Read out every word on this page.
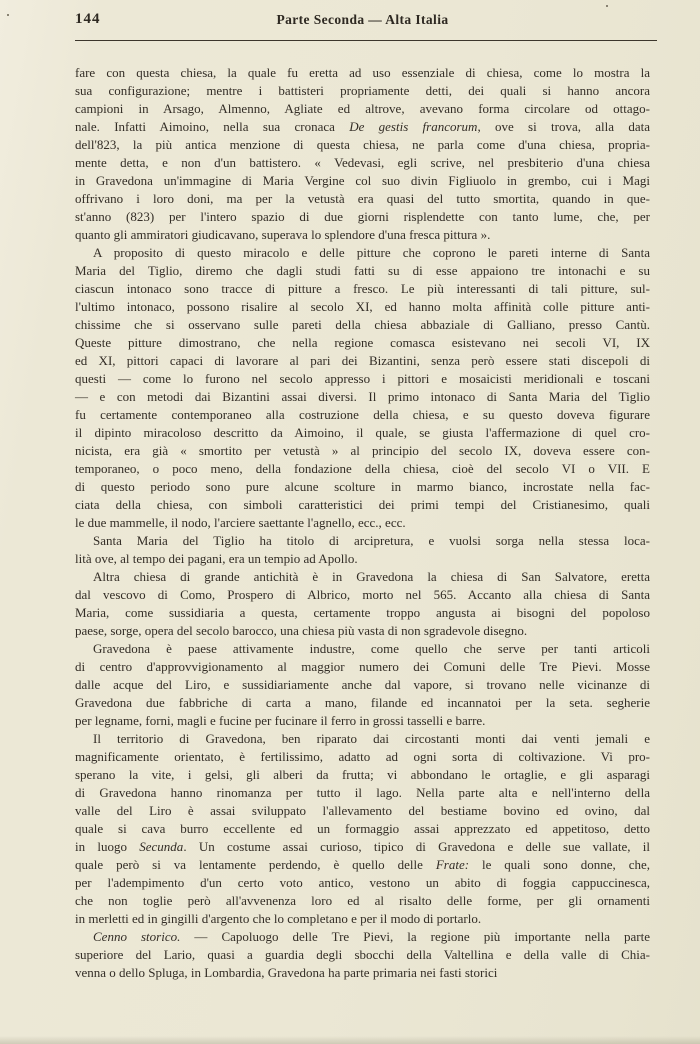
144	Parte Seconda — Alta Italia
fare con questa chiesa, la quale fu eretta ad uso essenziale di chiesa, come lo mostra la
sua configurazione; mentre i battisteri propriamente detti, dei quali si hanno ancora
campioni in Arsago, Almenno, Agliate ed altrove, avevano forma circolare od ottago-
nale. Infatti Aimoino, nella sua cronaca De gestis francorum, ove si trova, alla data
dell'823, la più antica menzione di questa chiesa, ne parla come d'una chiesa, propria-
mente detta, e non d'un battistero. « Vedevasi, egli scrive, nel presbiterio d'una chiesa
in Gravedona un'immagine di Maria Vergine col suo divin Figliuolo in grembo, cui i Magi
offrivano i loro doni, ma per la vetustà era quasi del tutto smortita, quando in que-
st'anno (823) per l'intero spazio di due giorni risplendette con tanto lume, che, per
quanto gli ammiratori giudicavano, superava lo splendore d'una fresca pittura ».
A proposito di questo miracolo e delle pitture che coprono le pareti interne di Santa
Maria del Tiglio, diremo che dagli studi fatti su di esse appaiono tre intonachi e su
ciascun intonaco sono tracce di pitture a fresco. Le più interessanti di tali pitture, sul-
l'ultimo intonaco, possono risalire al secolo XI, ed hanno molta affinità colle pitture anti-
chissime che si osservano sulle pareti della chiesa abbaziale di Galliano, presso Cantù.
Queste pitture dimostrano, che nella regione comasca esistevano nei secoli VI, IX
ed XI, pittori capaci di lavorare al pari dei Bizantini, senza però essere stati discepoli di
questi — come lo furono nel secolo appresso i pittori e mosaicisti meridionali e toscani
— e con metodi dai Bizantini assai diversi. Il primo intonaco di Santa Maria del Tiglio
fu certamente contemporaneo alla costruzione della chiesa, e su questo doveva figurare
il dipinto miracoloso descritto da Aimoino, il quale, se giusta l'affermazione di quel cro-
nicista, era già « smortito per vetustà » al principio del secolo IX, doveva essere con-
temporaneo, o poco meno, della fondazione della chiesa, cioè del secolo VI o VII. E
di questo periodo sono pure alcune scolture in marmo bianco, incrostate nella fac-
ciata della chiesa, con simboli caratteristici dei primi tempi del Cristianesimo, quali
le due mammelle, il nodo, l'arciere saettante l'agnello, ecc., ecc.
Santa Maria del Tiglio ha titolo di arcipretura, e vuolsi sorga nella stessa loca-
lità ove, al tempo dei pagani, era un tempio ad Apollo.
Altra chiesa di grande antichità è in Gravedona la chiesa di San Salvatore, eretta
dal vescovo di Como, Prospero di Albrico, morto nel 565. Accanto alla chiesa di Santa
Maria, come sussidiaria a questa, certamente troppo angusta ai bisogni del popoloso
paese, sorge, opera del secolo barocco, una chiesa più vasta di non sgradevole disegno.
Gravedona è paese attivamente industre, come quello che serve per tanti articoli
di centro d'approvvigionamento al maggior numero dei Comuni delle Tre Pievi. Mosse
dalle acque del Liro, e sussidiariamente anche dal vapore, si trovano nelle vicinanze di
Gravedona due fabbriche di carta a mano, filande ed incannatoi per la seta. segherie
per legname, forni, magli e fucine per fucinare il ferro in grossi tasselli e barre.
Il territorio di Gravedona, ben riparato dai circostanti monti dai venti jemali e
magnificamente orientato, è fertilissimo, adatto ad ogni sorta di coltivazione. Vi pro-
sperano la vite, i gelsi, gli alberi da frutta; vi abbondano le ortaglie, e gli asparagi
di Gravedona hanno rinomanza per tutto il lago. Nella parte alta e nell'interno della
valle del Liro è assai sviluppato l'allevamento del bestiame bovino ed ovino, dal
quale si cava burro eccellente ed un formaggio assai apprezzato ed appetitoso, detto
in luogo Secunda. Un costume assai curioso, tipico di Gravedona e delle sue vallate, il
quale però si va lentamente perdendo, è quello delle Frate: le quali sono donne, che,
per l'adempimento d'un certo voto antico, vestono un abito di foggia cappuccinesca,
che non toglie però all'avvenenza loro ed al risalto delle forme, per gli ornamenti
in merletti ed in gingilli d'argento che lo completano e per il modo di portarlo.
Cenno storico. — Capoluogo delle Tre Pievi, la regione più importante nella parte
superiore del Lario, quasi a guardia degli sbocchi della Valtellina e della valle di Chia-
venna o dello Spluga, in Lombardia, Gravedona ha parte primaria nei fasti storici
